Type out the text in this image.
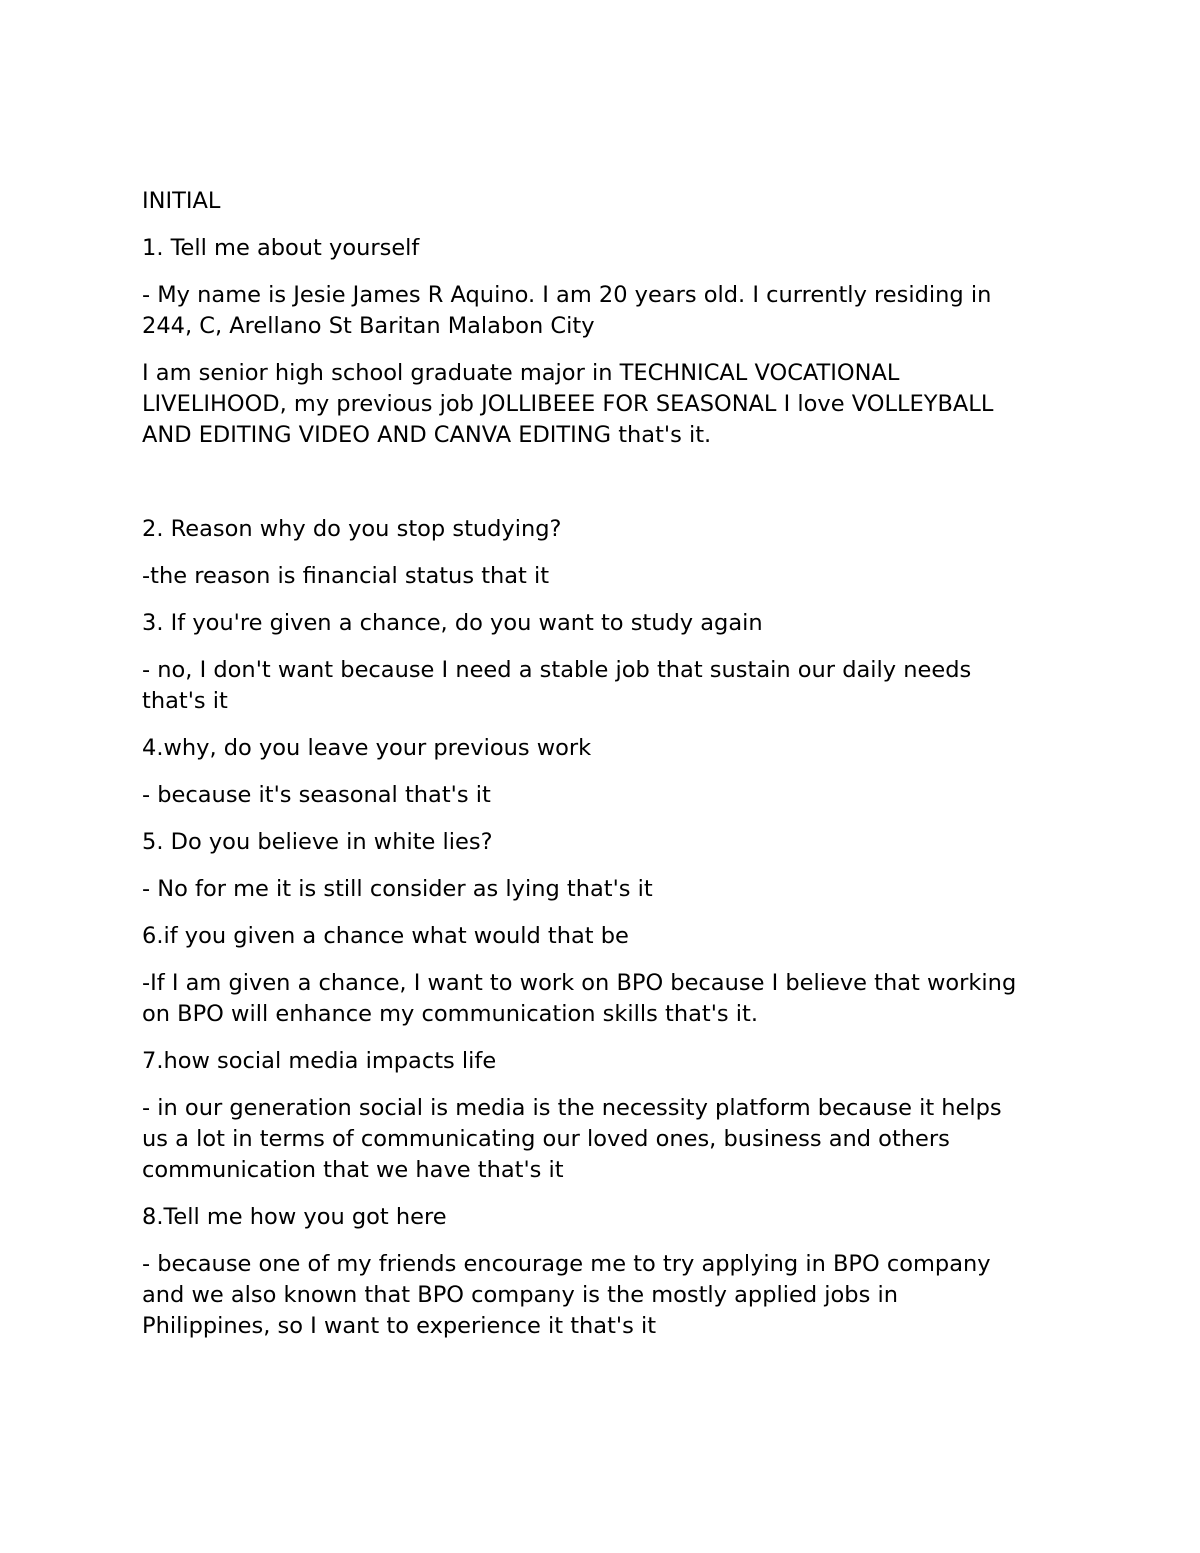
INITIAL

1. Tell me about yourself

- My name is Jesie James R Aquino. I am 20 years old. I currently residing in
244, C, Arellano St Baritan Malabon City

I am senior high school graduate major in TECHNICAL VOCATIONAL
LIVELIHOOD, my previous job JOLLIBEEE FOR SEASONAL I love VOLLEYBALL
AND EDITING VIDEO AND CANVA EDITING that's it.

2. Reason why do you stop studying?

-the reason is financial status that it

3. If you're given a chance, do you want to study again

- no, I don't want because I need a stable job that sustain our daily needs
that's it

4.why, do you leave your previous work

- because it's seasonal that's it

5. Do you believe in white lies?

- No for me it is still consider as lying that's it

6.if you given a chance what would that be

-If I am given a chance, I want to work on BPO because I believe that working
on BPO will enhance my communication skills that's it.

7.how social media impacts life

- in our generation social is media is the necessity platform because it helps
us a lot in terms of communicating our loved ones, business and others
communication that we have that's it

8.Tell me how you got here

- because one of my friends encourage me to try applying in BPO company
and we also known that BPO company is the mostly applied jobs in
Philippines, so I want to experience it that's it
